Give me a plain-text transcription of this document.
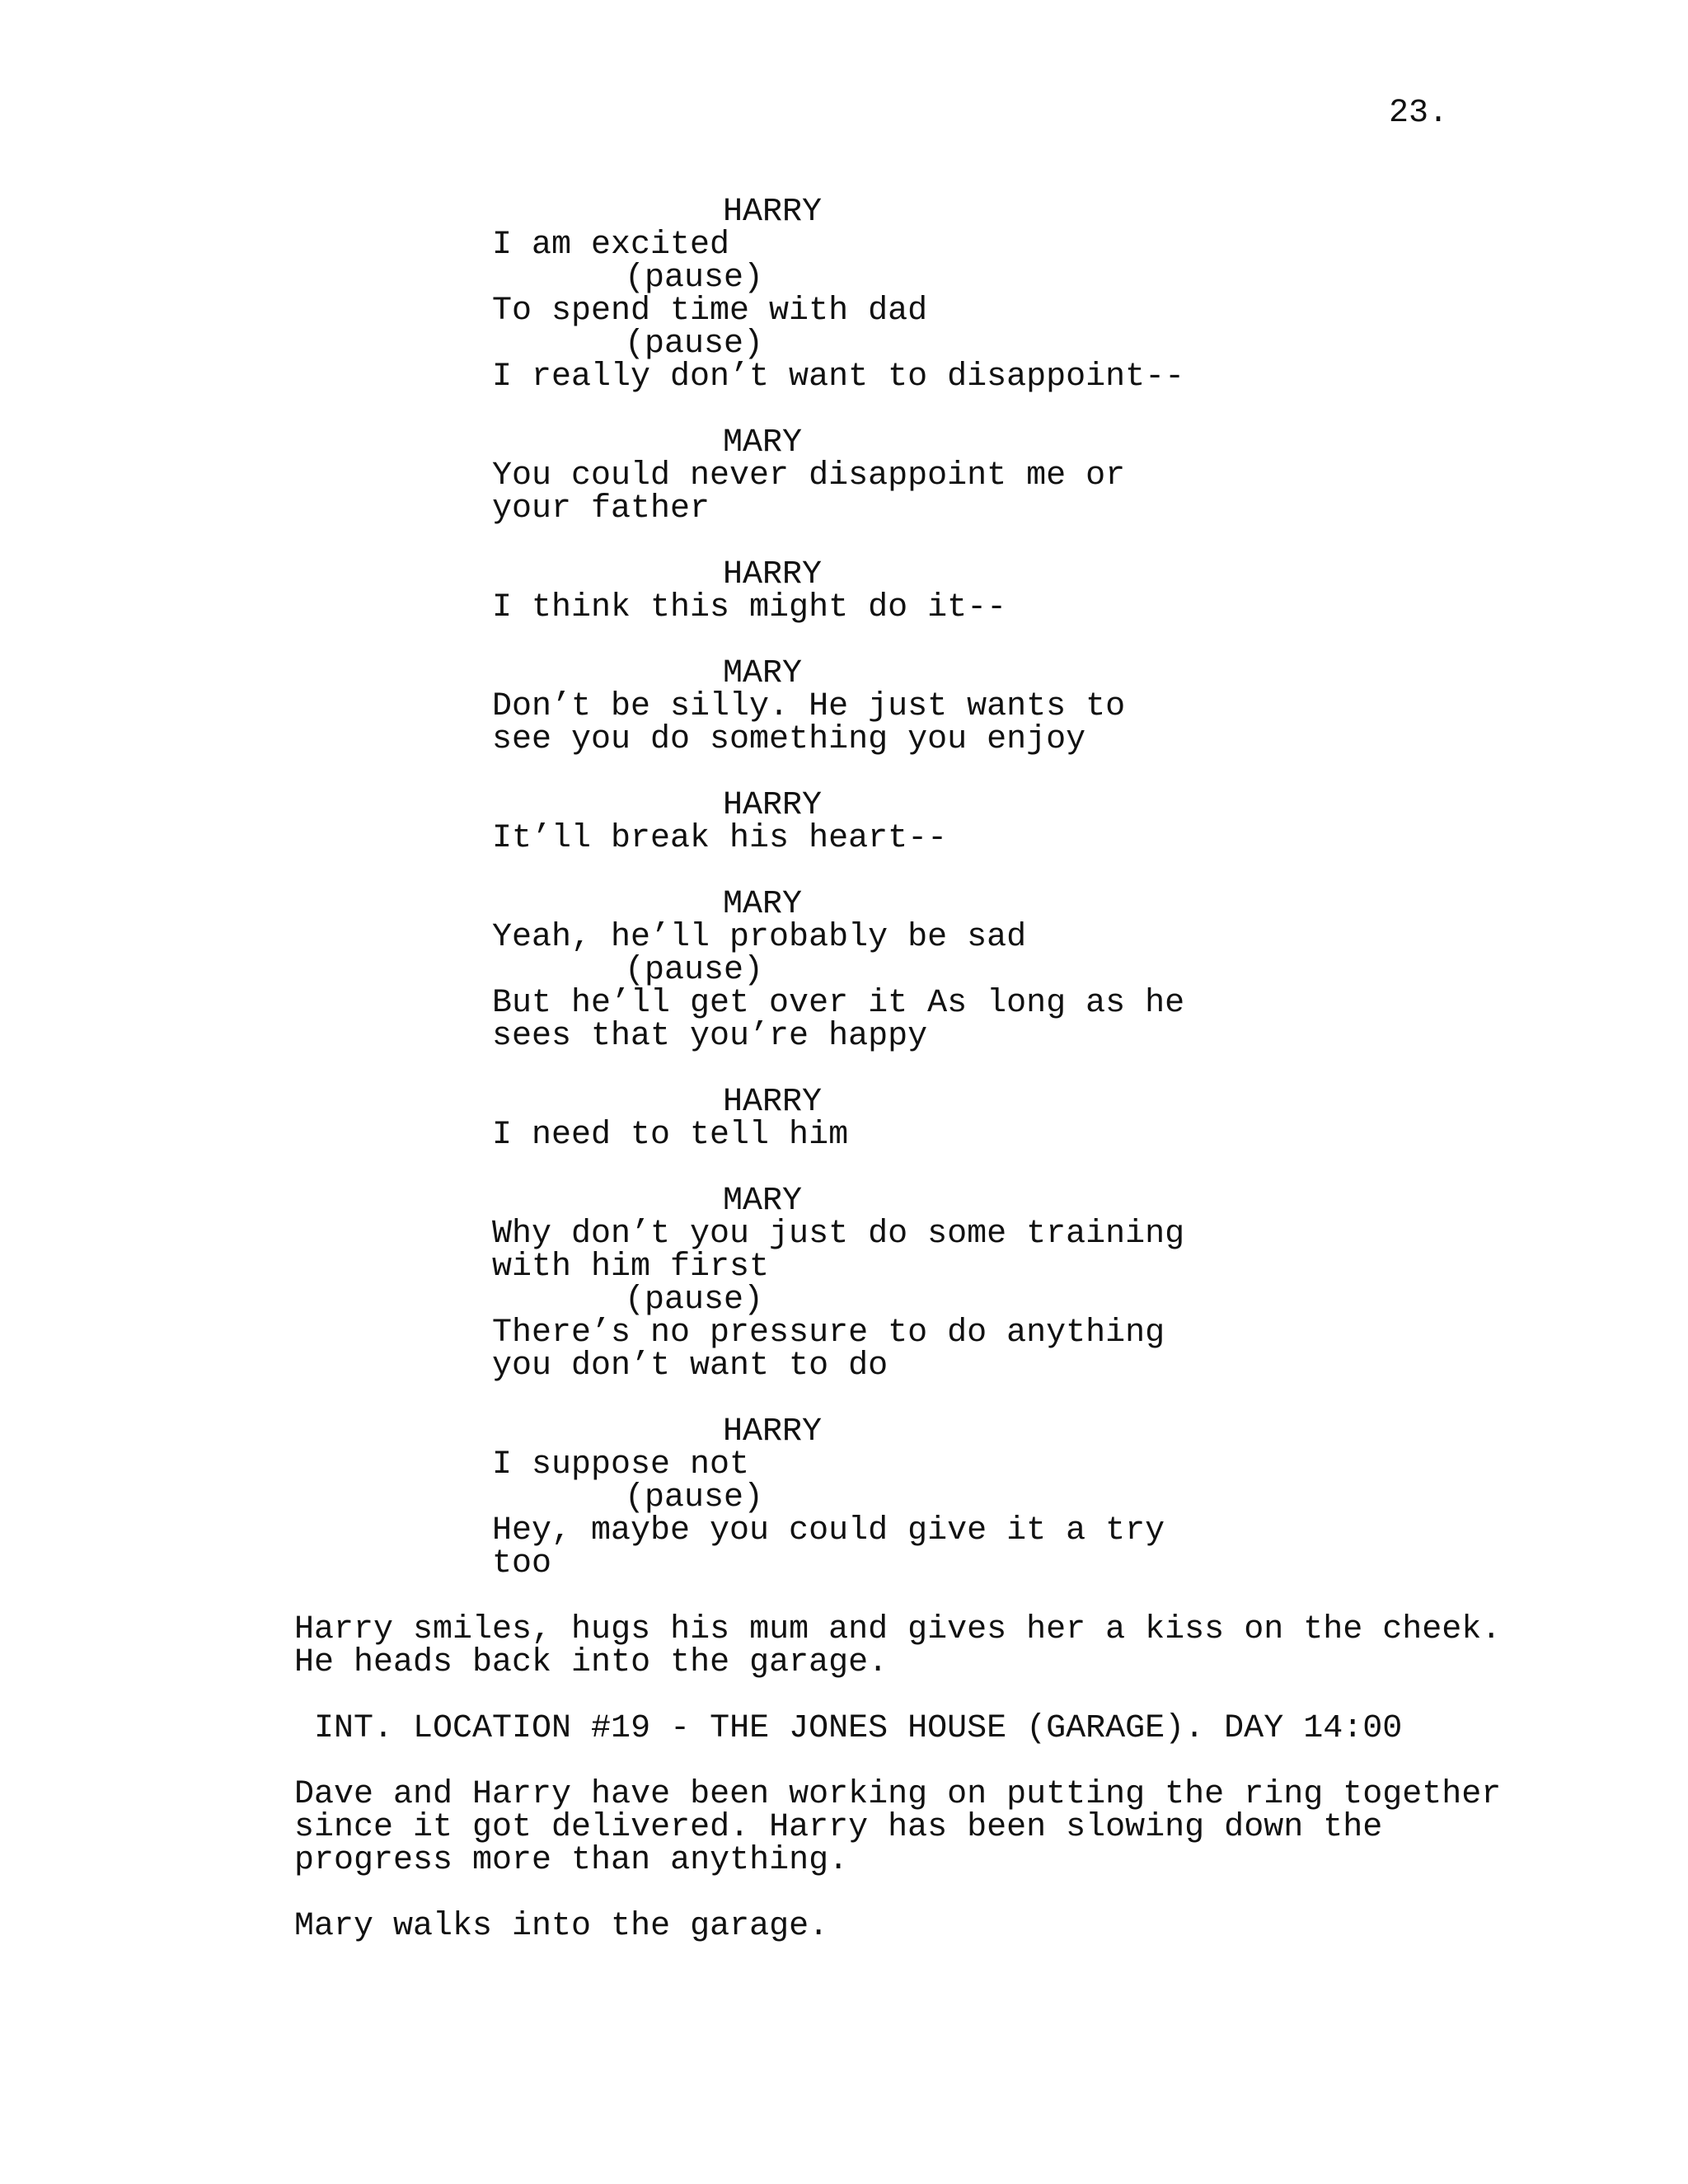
23.
HARRY
I am excited
(pause)
To spend time with dad
(pause)
I really don’t want to disappoint--
MARY
You could never disappoint me or
your father
HARRY
I think this might do it--
MARY
Don’t be silly. He just wants to
see you do something you enjoy
HARRY
It’ll break his heart--
MARY
Yeah, he’ll probably be sad
(pause)
But he’ll get over it As long as he
sees that you’re happy
HARRY
I need to tell him
MARY
Why don’t you just do some training
with him first
(pause)
There’s no pressure to do anything
you don’t want to do
HARRY
I suppose not
(pause)
Hey, maybe you could give it a try
too
Harry smiles, hugs his mum and gives her a kiss on the cheek.
He heads back into the garage.
INT. LOCATION #19 - THE JONES HOUSE (GARAGE). DAY 14:00
Dave and Harry have been working on putting the ring together
since it got delivered. Harry has been slowing down the
progress more than anything.
Mary walks into the garage.
